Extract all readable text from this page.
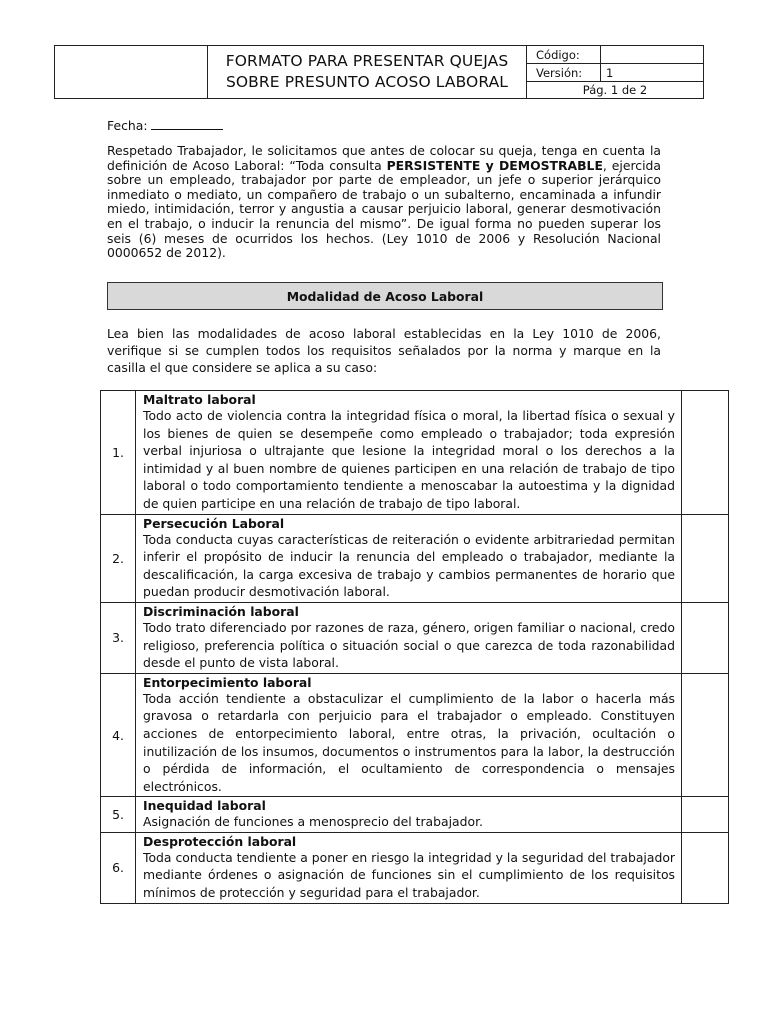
	FORMATO PARA PRESENTAR QUEJAS
SOBRE PRESUNTO ACOSO LABORAL	Código:	
		Versión:	1
		Pág. 1 de 2	
Fecha:
Respetado Trabajador, le solicitamos que antes de colocar su queja, tenga en cuenta la definición de Acoso Laboral: “Toda consulta PERSISTENTE y DEMOSTRABLE, ejercida sobre un empleado, trabajador por parte de empleador, un jefe o superior jerárquico inmediato o mediato, un compañero de trabajo o un subalterno, encaminada a infundir miedo, intimidación, terror y angustia a causar perjuicio laboral, generar desmotivación en el trabajo, o inducir la renuncia del mismo”. De igual forma no pueden superar los seis (6) meses de ocurridos los hechos. (Ley 1010 de 2006 y Resolución Nacional 0000652 de 2012).
Modalidad de Acoso Laboral
Lea bien las modalidades de acoso laboral establecidas en la Ley 1010 de 2006, verifique si se cumplen todos los requisitos señalados por la norma y marque en la casilla el que considere se aplica a su caso:
1.	Maltrato laboral
Todo acto de violencia contra la integridad física o moral, la libertad física o sexual y los bienes de quien se desempeñe como empleado o trabajador; toda expresión verbal injuriosa o ultrajante que lesione la integridad moral o los derechos a la intimidad y al buen nombre de quienes participen en una relación de trabajo de tipo laboral o todo comportamiento tendiente a menoscabar la autoestima y la dignidad de quien participe en una relación de trabajo de tipo laboral.	
2.	Persecución Laboral
Toda conducta cuyas características de reiteración o evidente arbitrariedad permitan inferir el propósito de inducir la renuncia del empleado o trabajador, mediante la descalificación, la carga excesiva de trabajo y cambios permanentes de horario que puedan producir desmotivación laboral.	
3.	Discriminación laboral
Todo trato diferenciado por razones de raza, género, origen familiar o nacional, credo religioso, preferencia política o situación social o que carezca de toda razonabilidad desde el punto de vista laboral.	
4.	Entorpecimiento laboral
Toda acción tendiente a obstaculizar el cumplimiento de la labor o hacerla más gravosa o retardarla con perjuicio para el trabajador o empleado. Constituyen acciones de entorpecimiento laboral, entre otras, la privación, ocultación o inutilización de los insumos, documentos o instrumentos para la labor, la destrucción o pérdida de información, el ocultamiento de correspondencia o mensajes electrónicos.	
5.	Inequidad laboral
Asignación de funciones a menosprecio del trabajador.	
6.	Desprotección laboral
Toda conducta tendiente a poner en riesgo la integridad y la seguridad del trabajador mediante órdenes o asignación de funciones sin el cumplimiento de los requisitos mínimos de protección y seguridad para el trabajador.	
